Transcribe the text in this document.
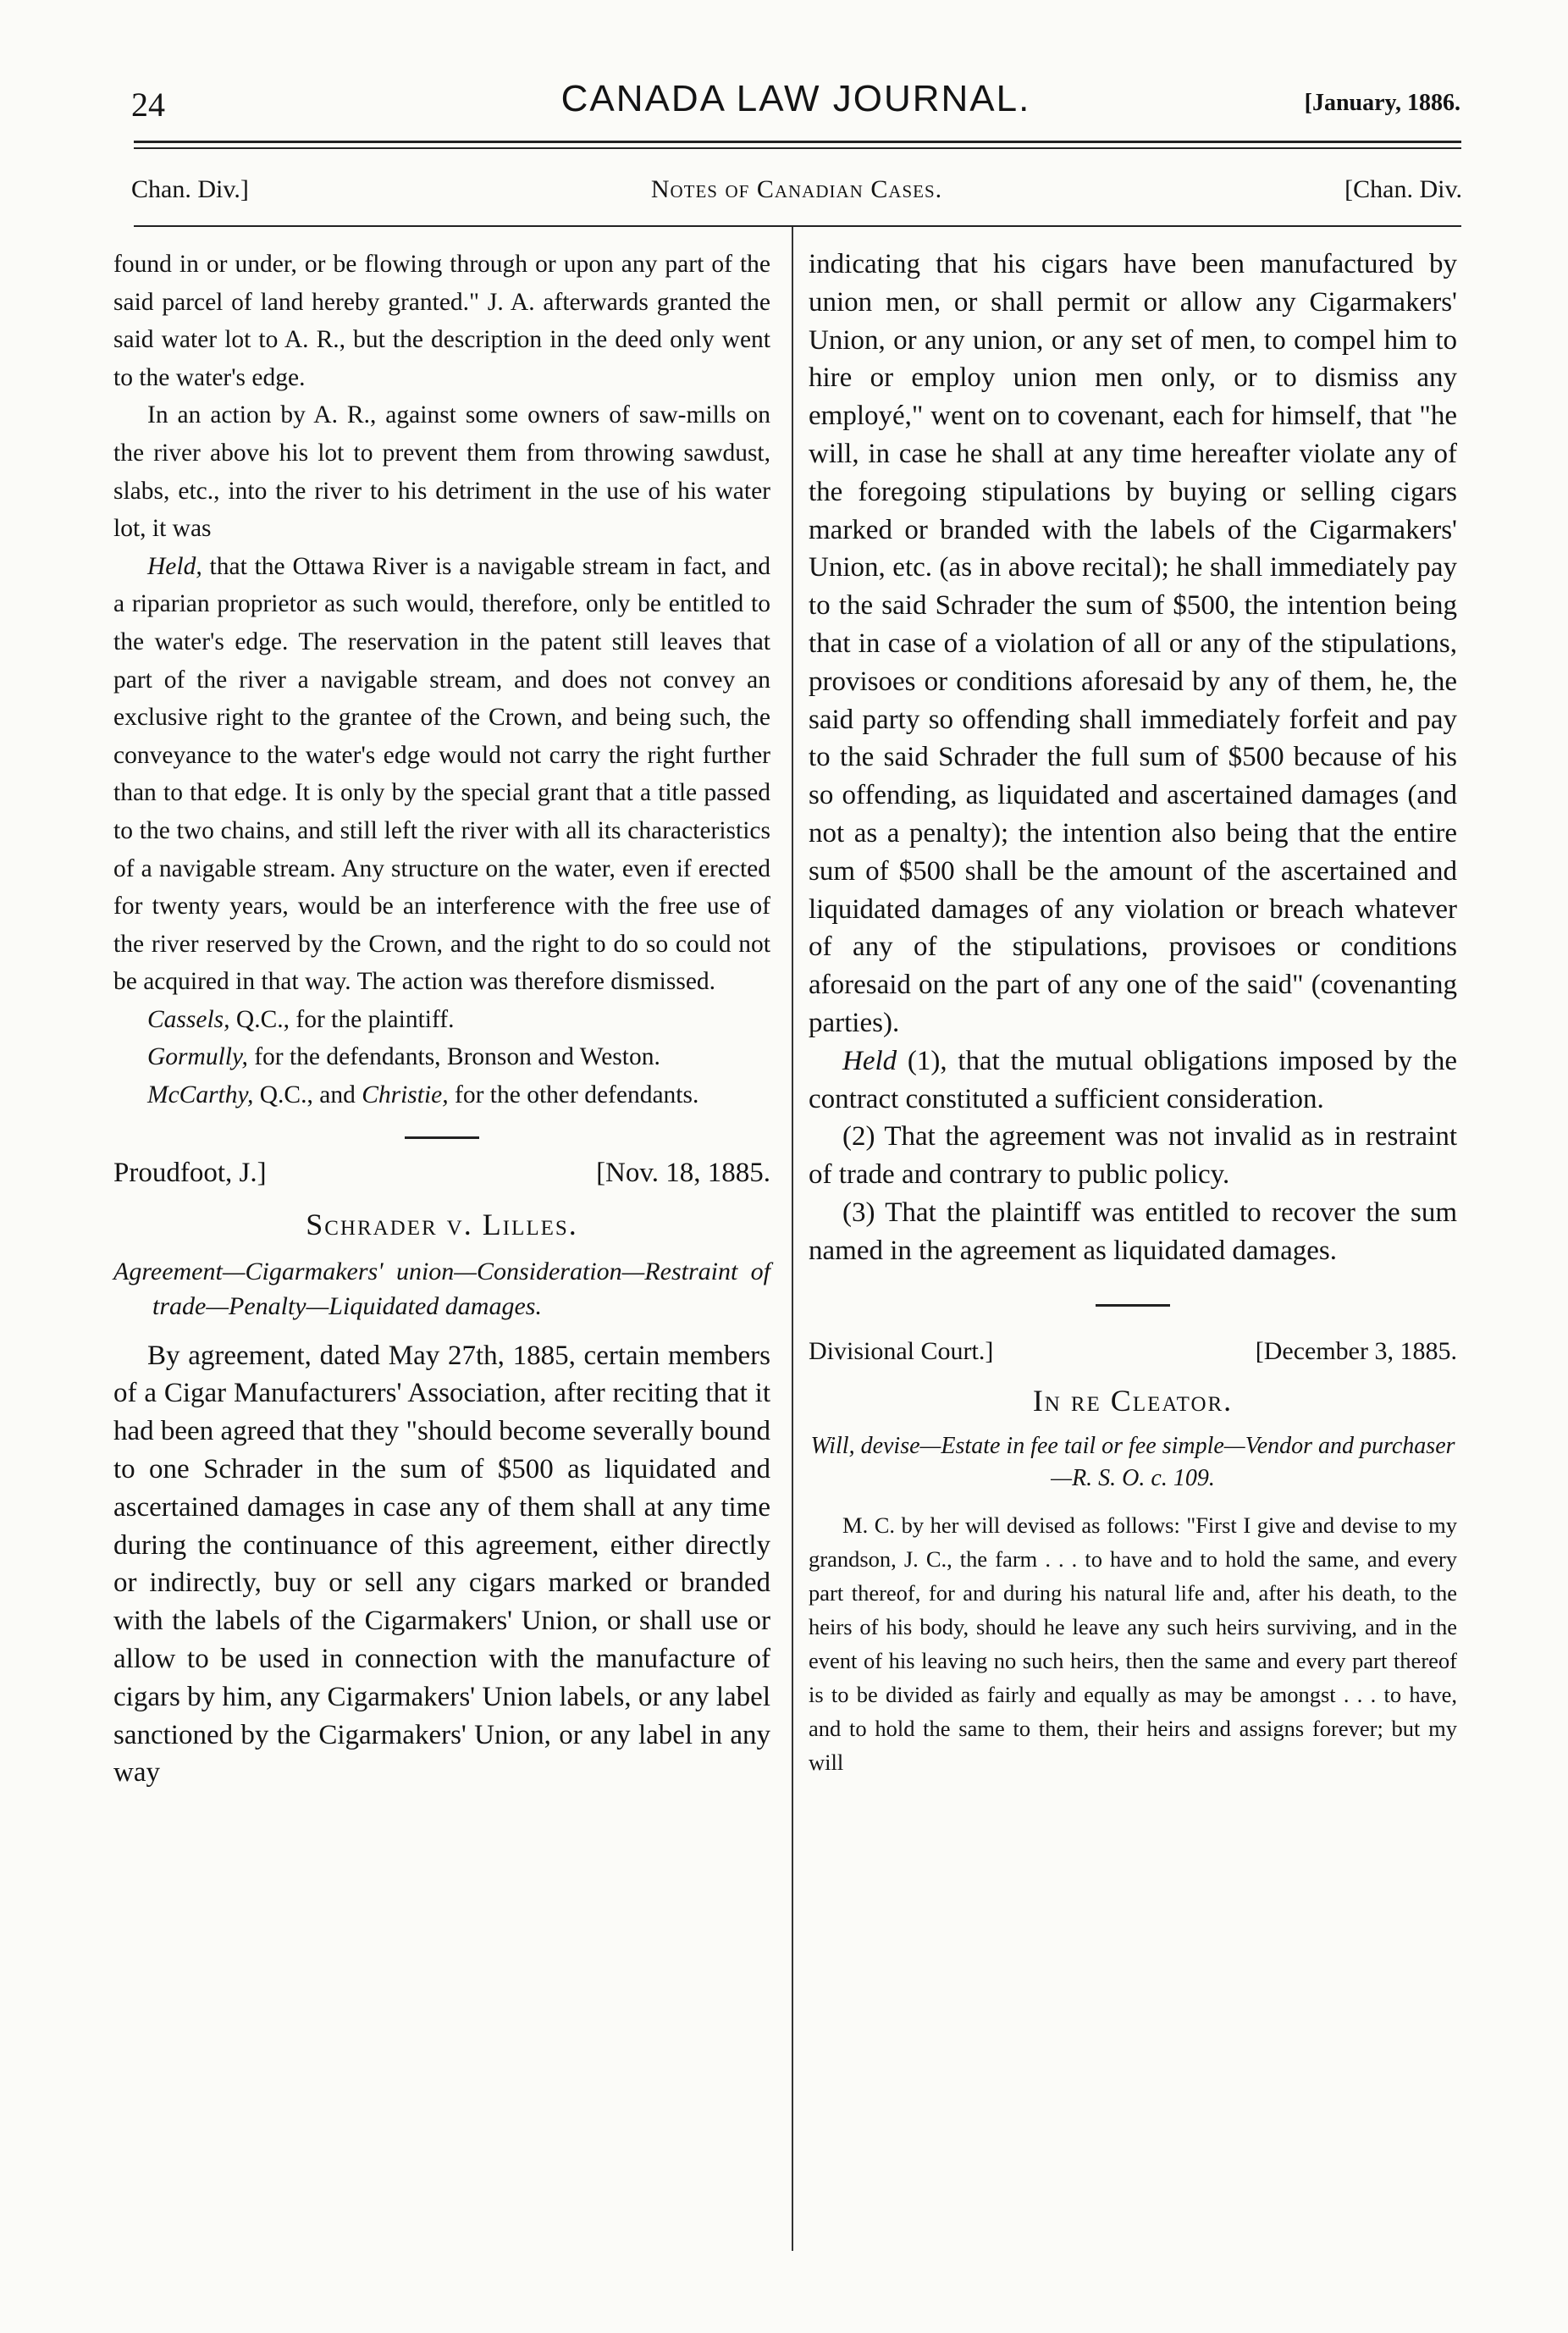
24	CANADA LAW JOURNAL.	[January, 1886.
Chan. Div.]	Notes of Canadian Cases.	[Chan. Div.

found in or under, or be flowing through or upon any part of the said parcel of land hereby granted." J. A. afterwards granted the said water lot to A. R., but the description in the deed only went to the water's edge.

In an action by A. R., against some owners of saw-mills on the river above his lot to prevent them from throwing sawdust, slabs, etc., into the river to his detriment in the use of his water lot, it was

Held, that the Ottawa River is a navigable stream in fact, and a riparian proprietor as such would, therefore, only be entitled to the water's edge. The reservation in the patent still leaves that part of the river a navigable stream, and does not convey an exclusive right to the grantee of the Crown, and being such, the conveyance to the water's edge would not carry the right further than to that edge. It is only by the special grant that a title passed to the two chains, and still left the river with all its characteristics of a navigable stream. Any structure on the water, even if erected for twenty years, would be an interference with the free use of the river reserved by the Crown, and the right to do so could not be acquired in that way. The action was therefore dismissed.

Cassels, Q.C., for the plaintiff.

Gormully, for the defendants, Bronson and Weston.

McCarthy, Q.C., and Christie, for the other defendants.

Proudfoot, J.]	[Nov. 18, 1885.
Schrader v. Lilles.

Agreement—Cigarmakers' union—Consideration—Restraint of trade—Penalty—Liquidated damages.

By agreement, dated May 27th, 1885, certain members of a Cigar Manufacturers' Association, after reciting that it had been agreed that they "should become severally bound to one Schrader in the sum of $500 as liquidated and ascertained damages in case any of them shall at any time during the continuance of this agreement, either directly or indirectly, buy or sell any cigars marked or branded with the labels of the Cigarmakers' Union, or shall use or allow to be used in connection with the manufacture of cigars by him, any Cigarmakers' Union labels, or any label sanctioned by the Cigarmakers' Union, or any label in any way

indicating that his cigars have been manufactured by union men, or shall permit or allow any Cigarmakers' Union, or any union, or any set of men, to compel him to hire or employ union men only, or to dismiss any employé," went on to covenant, each for himself, that "he will, in case he shall at any time hereafter violate any of the foregoing stipulations by buying or selling cigars marked or branded with the labels of the Cigarmakers' Union, etc. (as in above recital); he shall immediately pay to the said Schrader the sum of $500, the intention being that in case of a violation of all or any of the stipulations, provisoes or conditions aforesaid by any of them, he, the said party so offending shall immediately forfeit and pay to the said Schrader the full sum of $500 because of his so offending, as liquidated and ascertained damages (and not as a penalty); the intention also being that the entire sum of $500 shall be the amount of the ascertained and liquidated damages of any violation or breach whatever of any of the stipulations, provisoes or conditions aforesaid on the part of any one of the said" (covenanting parties).

Held (1), that the mutual obligations imposed by the contract constituted a sufficient consideration.

(2) That the agreement was not invalid as in restraint of trade and contrary to public policy.

(3) That the plaintiff was entitled to recover the sum named in the agreement as liquidated damages.

Divisional Court.]	[December 3, 1885.
In re Cleator.

Will, devise—Estate in fee tail or fee simple—Vendor and purchaser—R. S. O. c. 109.

M. C. by her will devised as follows: "First I give and devise to my grandson, J. C., the farm . . . to have and to hold the same, and every part thereof, for and during his natural life and, after his death, to the heirs of his body, should he leave any such heirs surviving, and in the event of his leaving no such heirs, then the same and every part thereof is to be divided as fairly and equally as may be amongst . . . to have, and to hold the same to them, their heirs and assigns forever; but my will
